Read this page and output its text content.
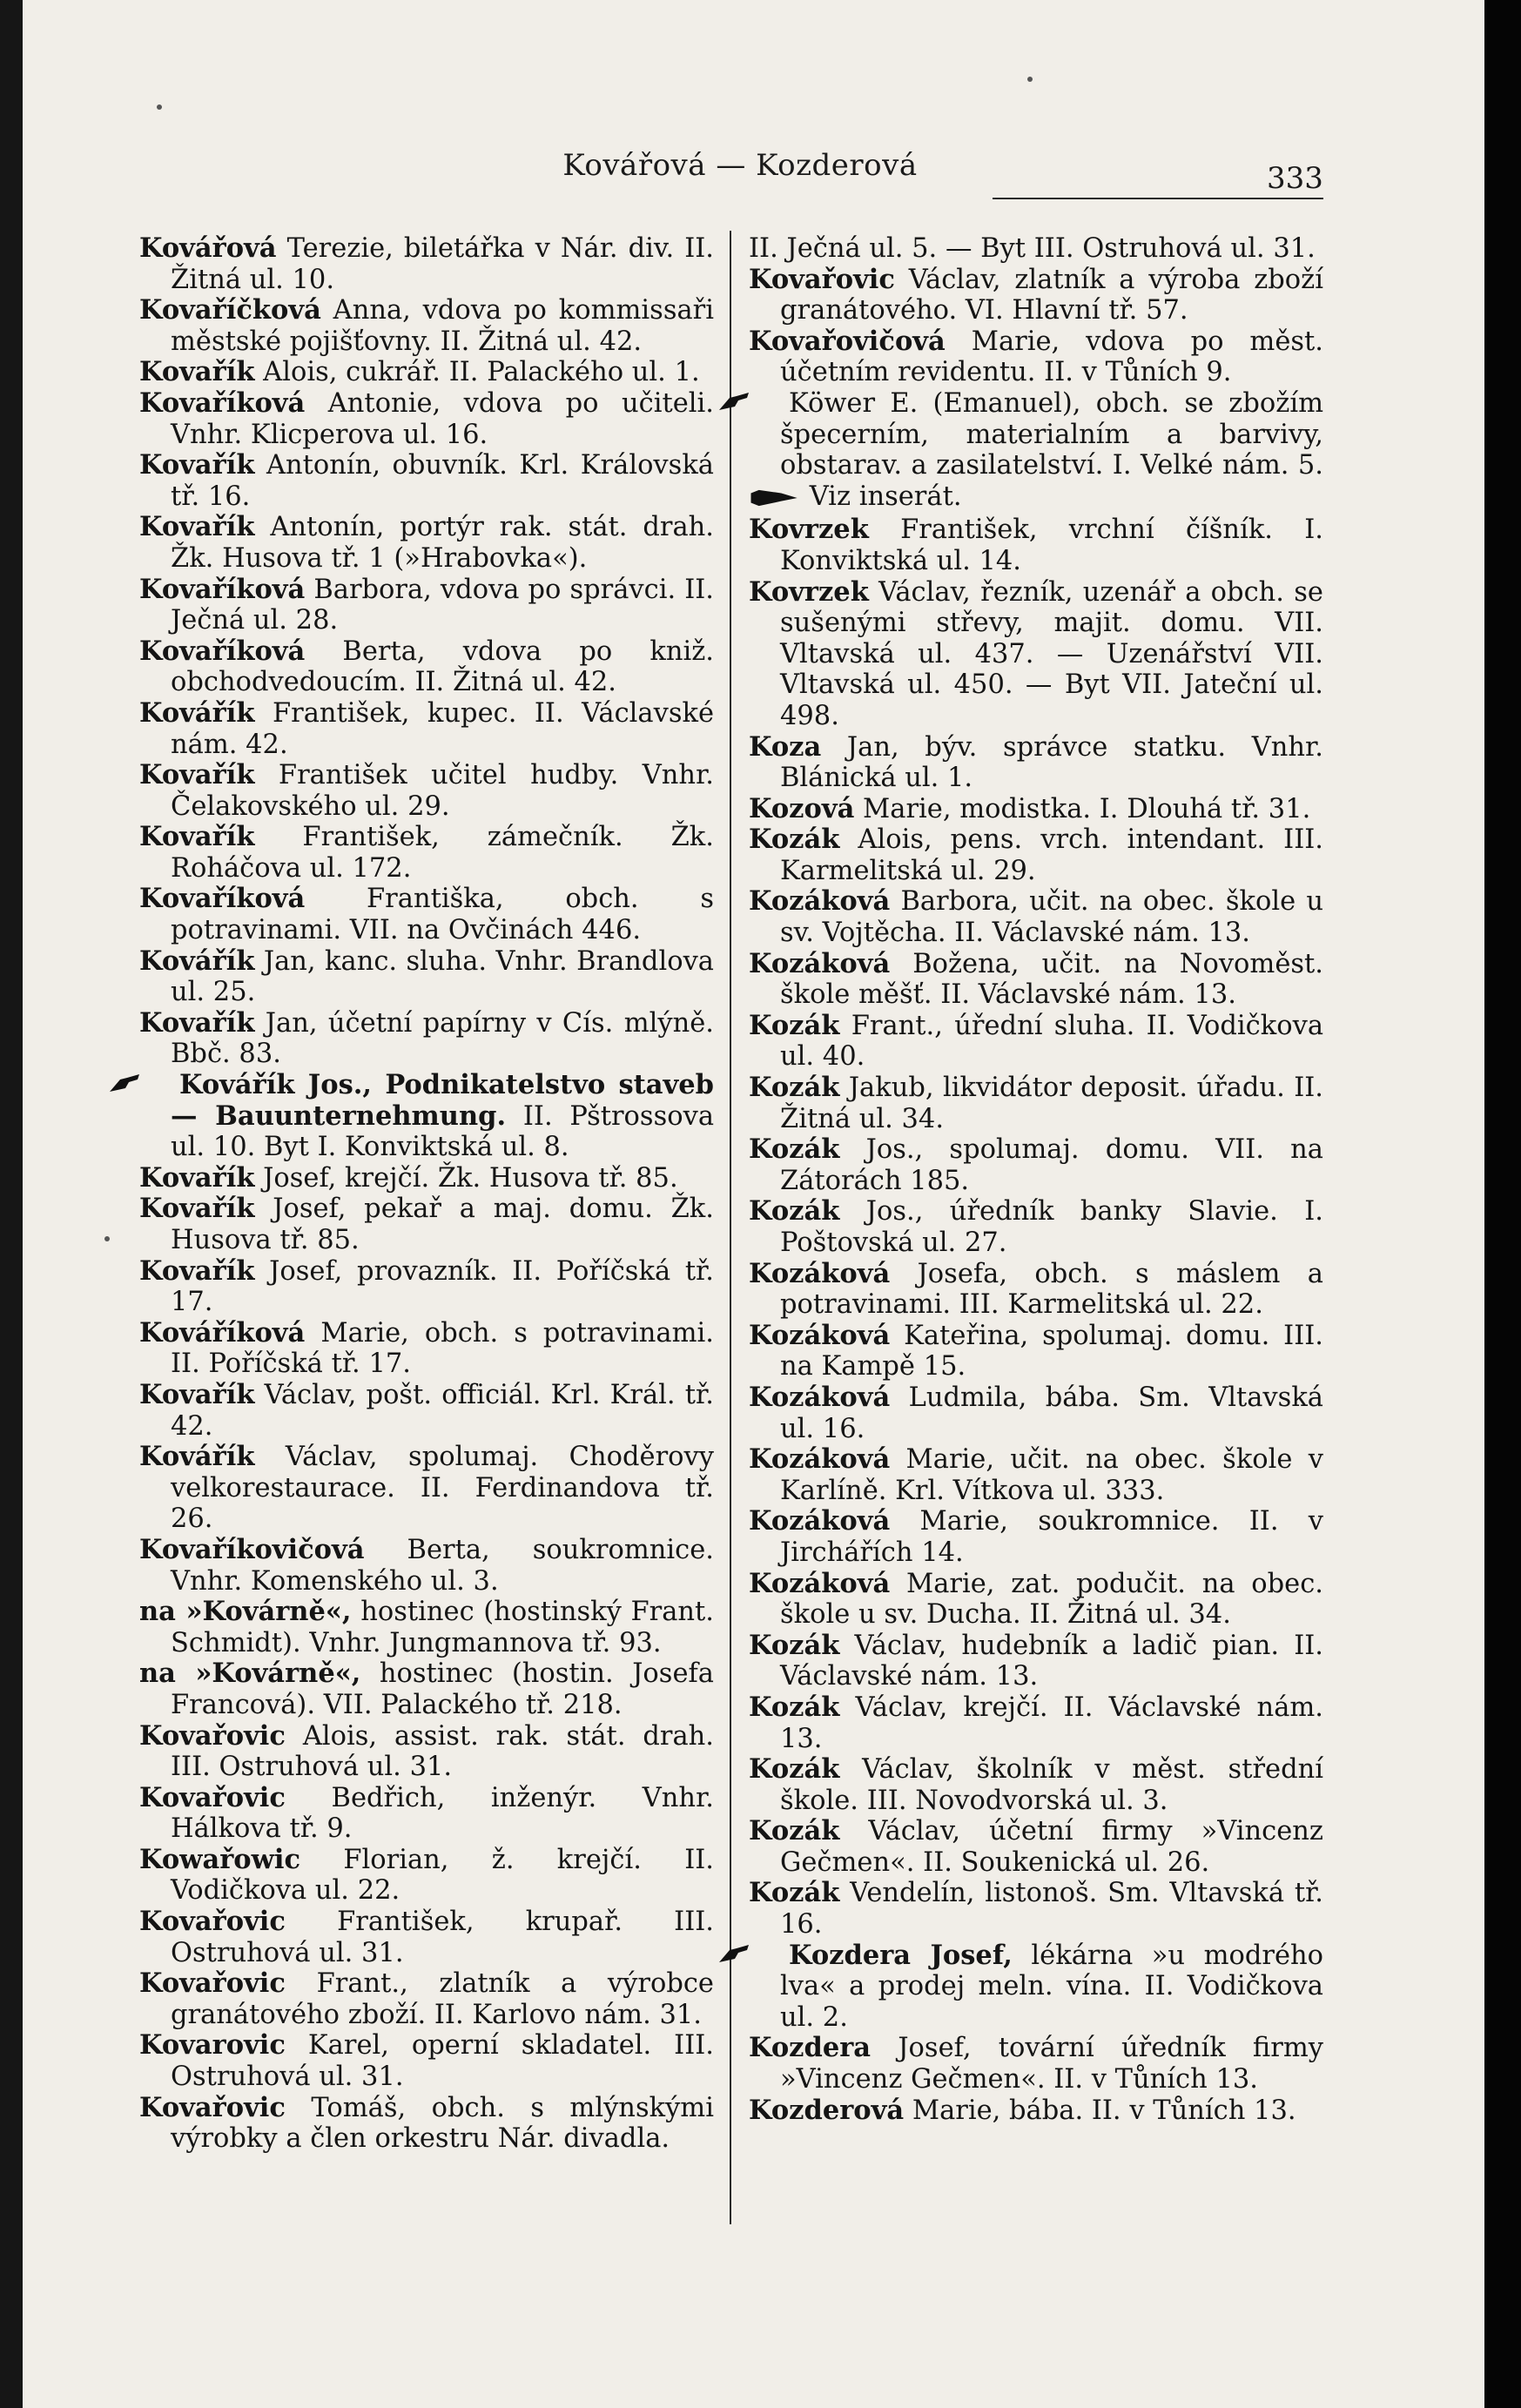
Kovářová — Kozderová	333

Kovářová Terezie, biletářka v Nár. div. II. Žitná ul. 10.

Kovaříčková Anna, vdova po kommissaři městské pojišťovny. II. Žitná ul. 42.

Kovařík Alois, cukrář. II. Palackého ul. 1.

Kovaříková Antonie, vdova po učiteli. Vnhr. Klicperova ul. 16.

Kovařík Antonín, obuvník. Krl. Královská tř. 16.

Kovařík Antonín, portýr rak. stát. drah. Žk. Husova tř. 1 (»Hrabovka«).

Kovaříková Barbora, vdova po správci. II. Ječná ul. 28.

Kovaříková Berta, vdova po kniž. obchodvedoucím. II. Žitná ul. 42.

Kovářík František, kupec. II. Václavské nám. 42.

Kovařík František učitel hudby. Vnhr. Čelakovského ul. 29.

Kovařík František, zámečník. Žk. Roháčova ul. 172.

Kovaříková Františka, obch. s potravinami. VII. na Ovčinách 446.

Kovářík Jan, kanc. sluha. Vnhr. Brandlova ul. 25.

Kovařík Jan, účetní papírny v Cís. mlýně. Bbč. 83.

Kovářík Jos., Podnikatelstvo staveb — Bauunternehmung. II. Pštrossova ul. 10. Byt I. Konviktská ul. 8.

Kovařík Josef, krejčí. Žk. Husova tř. 85.

Kovařík Josef, pekař a maj. domu. Žk. Husova tř. 85.

Kovařík Josef, provazník. II. Poříčská tř. 17.

Kováříková Marie, obch. s potravinami. II. Poříčská tř. 17.

Kovařík Václav, pošt. officiál. Krl. Král. tř. 42.

Kovářík Václav, spolumaj. Choděrovy velkorestaurace. II. Ferdinandova tř. 26.

Kovaříkovičová Berta, soukromnice. Vnhr. Komenského ul. 3.

na »Kovárně«, hostinec (hostinský Frant. Schmidt). Vnhr. Jungmannova tř. 93.

na »Kovárně«, hostinec (hostin. Josefa Francová). VII. Palackého tř. 218.

Kovařovic Alois, assist. rak. stát. drah. III. Ostruhová ul. 31.

Kovařovic Bedřich, inženýr. Vnhr. Hálkova tř. 9.

Kowařowic Florian, ž. krejčí. II. Vodičkova ul. 22.

Kovařovic František, krupař. III. Ostruhová ul. 31.

Kovařovic Frant., zlatník a výrobce granátového zboží. II. Karlovo nám. 31.

Kovarovic Karel, operní skladatel. III. Ostruhová ul. 31.

Kovařovic Tomáš, obch. s mlýnskými výrobky a člen orkestru Nár. divadla.

II. Ječná ul. 5. — Byt III. Ostruhová ul. 31.

Kovařovic Václav, zlatník a výroba zboží granátového. VI. Hlavní tř. 57.

Kovařovičová Marie, vdova po měst. účetním revidentu. II. v Tůních 9.

Köwer E. (Emanuel), obch. se zbožím špecerním, materialním a barvivy, obstarav. a zasilatelství. I. Velké nám. 5.  Viz inserát.

Kovrzek František, vrchní číšník. I. Konviktská ul. 14.

Kovrzek Václav, řezník, uzenář a obch. se sušenými střevy, majit. domu. VII. Vltavská ul. 437. — Uzenářství VII. Vltavská ul. 450. — Byt VII. Jateční ul. 498.

Koza Jan, býv. správce statku. Vnhr. Blánická ul. 1.

Kozová Marie, modistka. I. Dlouhá tř. 31.

Kozák Alois, pens. vrch. intendant. III. Karmelitská ul. 29.

Kozáková Barbora, učit. na obec. škole u sv. Vojtěcha. II. Václavské nám. 13.

Kozáková Božena, učit. na Novoměst. škole měšť. II. Václavské nám. 13.

Kozák Frant., úřední sluha. II. Vodičkova ul. 40.

Kozák Jakub, likvidátor deposit. úřadu. II. Žitná ul. 34.

Kozák Jos., spolumaj. domu. VII. na Zátorách 185.

Kozák Jos., úředník banky Slavie. I. Poštovská ul. 27.

Kozáková Josefa, obch. s máslem a potravinami. III. Karmelitská ul. 22.

Kozáková Kateřina, spolumaj. domu. III. na Kampě 15.

Kozáková Ludmila, bába. Sm. Vltavská ul. 16.

Kozáková Marie, učit. na obec. škole v Karlíně. Krl. Vítkova ul. 333.

Kozáková Marie, soukromnice. II. v Jirchářích 14.

Kozáková Marie, zat. podučit. na obec. škole u sv. Ducha. II. Žitná ul. 34.

Kozák Václav, hudebník a ladič pian. II. Václavské nám. 13.

Kozák Václav, krejčí. II. Václavské nám. 13.

Kozák Václav, školník v měst. střední škole. III. Novodvorská ul. 3.

Kozák Václav, účetní firmy »Vincenz Gečmen«. II. Soukenická ul. 26.

Kozák Vendelín, listonoš. Sm. Vltavská tř. 16.

Kozdera Josef, lékárna »u modrého lva« a prodej meln. vína. II. Vodičkova ul. 2.

Kozdera Josef, tovární úředník firmy »Vincenz Gečmen«. II. v Tůních 13.

Kozderová Marie, bába. II. v Tůních 13.
